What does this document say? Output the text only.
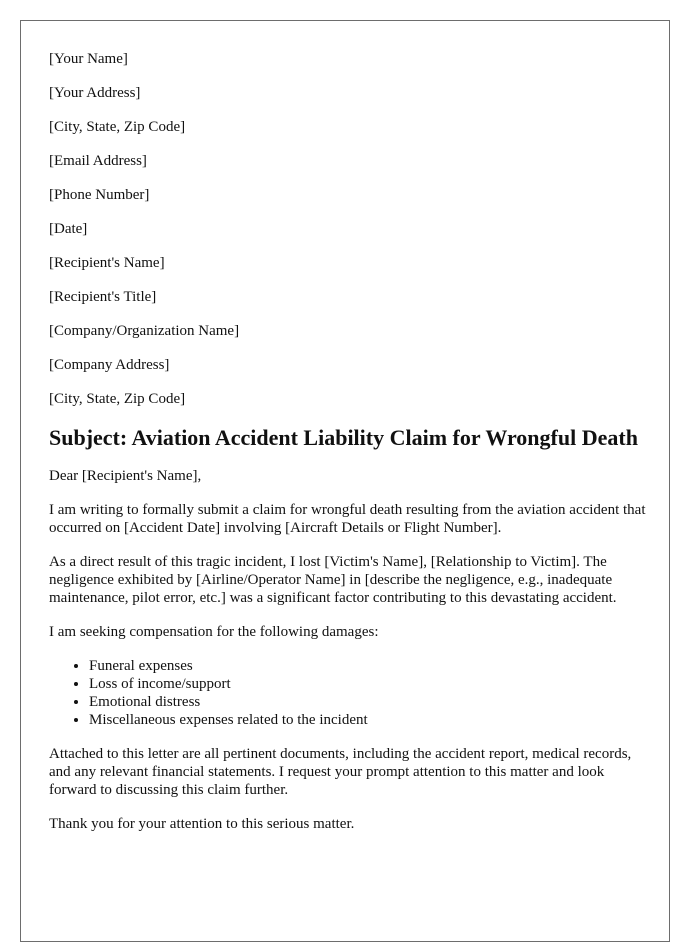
[Your Name]
[Your Address]
[City, State, Zip Code]
[Email Address]
[Phone Number]
[Date]
[Recipient's Name]
[Recipient's Title]
[Company/Organization Name]
[Company Address]
[City, State, Zip Code]
Subject: Aviation Accident Liability Claim for Wrongful Death

Dear [Recipient's Name],

I am writing to formally submit a claim for wrongful death resulting from the aviation accident that occurred on [Accident Date] involving [Aircraft Details or Flight Number].

As a direct result of this tragic incident, I lost [Victim's Name], [Relationship to Victim]. The negligence exhibited by [Airline/Operator Name] in [describe the negligence, e.g., inadequate maintenance, pilot error, etc.] was a significant factor contributing to this devastating accident.

I am seeking compensation for the following damages:

• Funeral expenses
• Loss of income/support
• Emotional distress
• Miscellaneous expenses related to the incident

Attached to this letter are all pertinent documents, including the accident report, medical records, and any relevant financial statements. I request your prompt attention to this matter and look forward to discussing this claim further.

Thank you for your attention to this serious matter.
